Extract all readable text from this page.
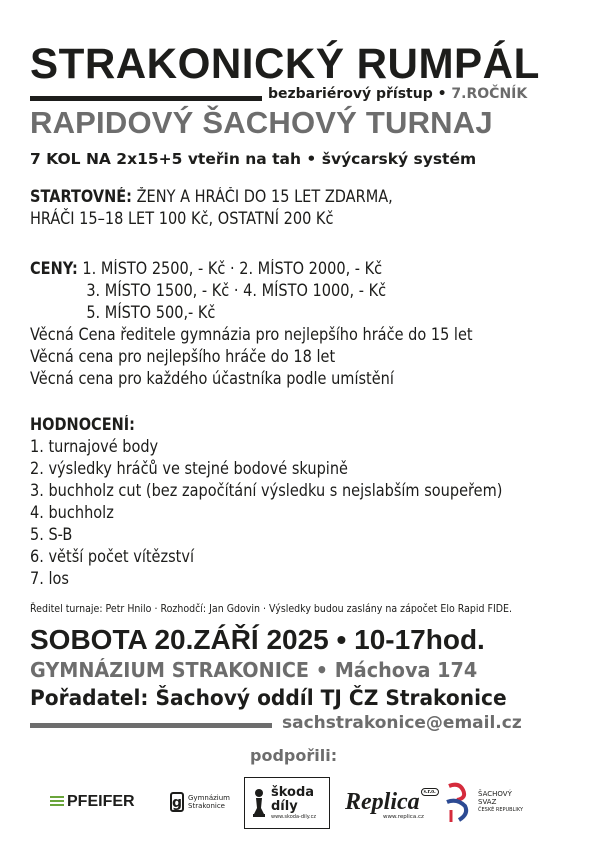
STRAKONICKÝ RUMPÁL
bezbariérový přístup • 7.ROČNÍK
RAPIDOVÝ ŠACHOVÝ TURNAJ
7 KOL NA 2x15+5 vteřin na tah • švýcarský systém
STARTOVNÉ: ŽENY A HRÁČI DO 15 LET ZDARMA,
HRÁČI 15–18 LET 100 Kč, OSTATNÍ 200 Kč
CENY: 1. MÍSTO 2500, - Kč · 2. MÍSTO 2000, - Kč
3. MÍSTO 1500, - Kč · 4. MÍSTO 1000, - Kč
5. MÍSTO 500,- Kč
Věcná Cena ředitele gymnázia pro nejlepšího hráče do 15 let
Věcná cena pro nejlepšího hráče do 18 let
Věcná cena pro každého účastníka podle umístění
HODNOCENÍ:
1. turnajové body
2. výsledky hráčů ve stejné bodové skupině
3. buchholz cut (bez započítání výsledku s nejslabším soupeřem)
4. buchholz
5. S-B
6. větší počet vítězství
7. los
Ředitel turnaje: Petr Hnilo · Rozhodčí: Jan Gdovin · Výsledky budou zaslány na zápočet Elo Rapid FIDE.
SOBOTA 20.ZÁŘÍ 2025 • 10-17hod.
GYMNÁZIUM STRAKONICE • Máchova 174
Pořadatel: Šachový oddíl TJ ČZ Strakonice
sachstrakonice@email.cz
podpořili:
PFEIFER	g Gymnázium
Strakonice
škoda
díly
www.skoda-dily.cz
Replica s.r.o.
www.replica.cz
ŠACHOVÝ
SVAZ
ČESKÉ REPUBLIKY
